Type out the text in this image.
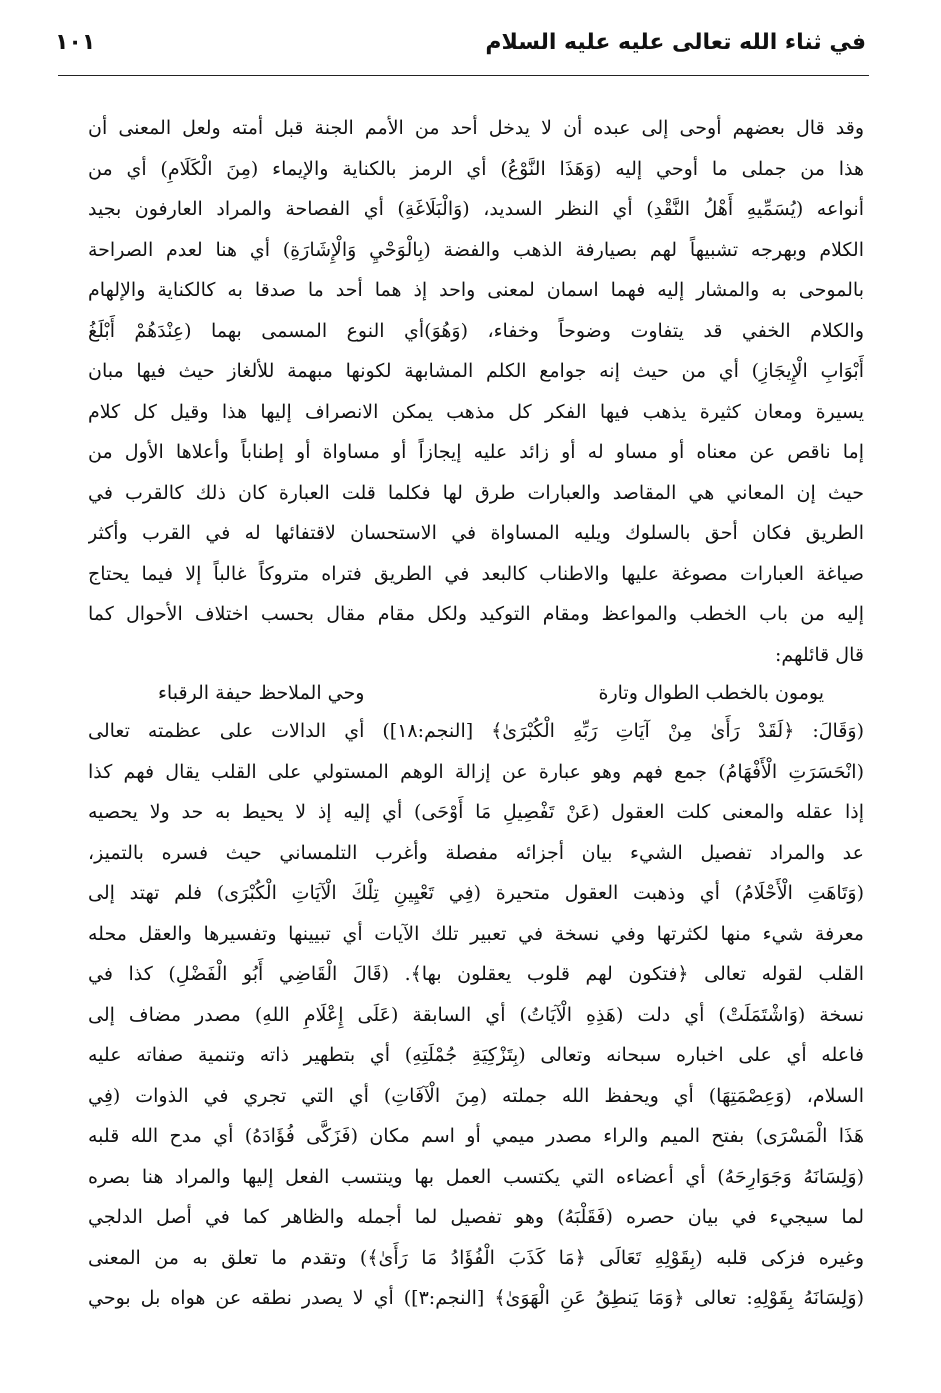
في ثناء الله تعالى عليه عليه السلام
١٠١
وقد قال بعضهم أوحى إلى عبده أن لا يدخل أحد من الأمم الجنة قبل أمته ولعل المعنى أن
هذا من جملى ما أوحي إليه (وَهَذَا النَّوْعُ) أي الرمز بالكناية والإيماء (مِنَ الْكَلَامِ) أي من
أنواعه (يُسَمِّيهِ أَهْلُ النَّقْدِ) أي النظر السديد، (وَالْبَلَاغَةِ) أي الفصاحة والمراد العارفون بجيد
الكلام وبهرجه تشبيهاً لهم بصيارفة الذهب والفضة (بِالْوَحْيِ وَالْإِشَارَةِ) أي هنا لعدم الصراحة
بالموحى به والمشار إليه فهما اسمان لمعنى واحد إذ هما أحد ما صدقا به كالكناية والإلهام
والكلام الخفي قد يتفاوت وضوحاً وخفاء، (وَهُوَ)أي النوع المسمى بهما (عِنْدَهُمْ أَبْلَغُ
أَبْوَابِ الْإِيجَازِ) أي من حيث إنه جوامع الكلم المشابهة لكونها مبهمة للألغاز حيث فيها مبان
يسيرة ومعان كثيرة يذهب فيها الفكر كل مذهب يمكن الانصراف إليها هذا وقيل كل كلام
إما ناقص عن معناه أو مساو له أو زائد عليه إيجازاً أو مساواة أو إطناباً وأعلاها الأول من
حيث إن المعاني هي المقاصد والعبارات طرق لها فكلما قلت العبارة كان ذلك كالقرب في
الطريق فكان أحق بالسلوك ويليه المساواة في الاستحسان لاقتفائها له في القرب وأكثر
صياغة العبارات مصوغة عليها والاطناب كالبعد في الطريق فتراه متروكاً غالباً إلا فيما يحتاج
إليه من باب الخطب والمواعظ ومقام التوكيد ولكل مقام مقال بحسب اختلاف الأحوال كما
قال قائلهم:
يومون بالخطب الطوال وتارة
وحي الملاحظ حيفة الرقباء
(وَقَالَ: ﴿لَقَدْ رَأَىٰ مِنْ آيَاتِ رَبِّهِ الْكُبْرَىٰ﴾ [النجم:١٨]) أي الدالات على عظمته تعالى
(انْحَسَرَتِ الْأَفْهَامُ) جمع فهم وهو عبارة عن إزالة الوهم المستولي على القلب يقال فهم كذا
إذا عقله والمعنى كلت العقول (عَنْ تَفْصِيلِ مَا أَوْحَى) أي إليه إذ لا يحيط به حد ولا يحصيه
عد والمراد تفصيل الشيء بيان أجزائه مفصلة وأغرب التلمساني حيث فسره بالتميز،
(وَتَاهَتِ الْأَحْلَامُ) أي وذهبت العقول متحيرة (فِي تَعْيِينِ تِلْكَ الْآيَاتِ الْكُبْرَى) فلم تهتد إلى
معرفة شيء منها لكثرتها وفي نسخة في تعبير تلك الآيات أي تبيينها وتفسيرها والعقل محله
القلب لقوله تعالى ﴿فتكون لهم قلوب يعقلون بها﴾. (قَالَ الْقَاضِي أَبُو الْفَضْلِ) كذا في
نسخة (وَاشْتَمَلَتْ) أي دلت (هَذِهِ الْآيَاتُ) أي السابقة (عَلَى إِعْلَامِ اللهِ) مصدر مضاف إلى
فاعله أي على اخباره سبحانه وتعالى (بِتَزْكِيَةِ جُمْلَتِهِ) أي بتطهير ذاته وتنمية صفاته عليه
السلام، (وَعِصْمَتِهَا) أي ويحفظ الله جملته (مِنَ الْآفَاتِ) أي التي تجري في الذوات (فِي
هَذَا الْمَسْرَى) بفتح الميم والراء مصدر ميمي أو اسم مكان (فَزَكَّى فُؤَادَهُ) أي مدح الله قلبه
(وَلِسَانَهُ وَجَوَارِحَهُ) أي أعضاءه التي يكتسب العمل بها وينتسب الفعل إليها والمراد هنا بصره
لما سيجيء في بيان حصره (فَقَلْبَهُ) وهو تفصيل لما أجمله والظاهر كما في أصل الدلجي
وغيره فزكى قلبه (بِقَوْلِهِ تَعَالَى ﴿مَا كَذَبَ الْفُؤَادُ مَا رَأَىٰ﴾) وتقدم ما تعلق به من المعنى
(وَلِسَانَهُ بِقَوْلِهِ: تعالى ﴿وَمَا يَنطِقُ عَنِ الْهَوَىٰ﴾ [النجم:٣]) أي لا يصدر نطقه عن هواه بل بوحي
